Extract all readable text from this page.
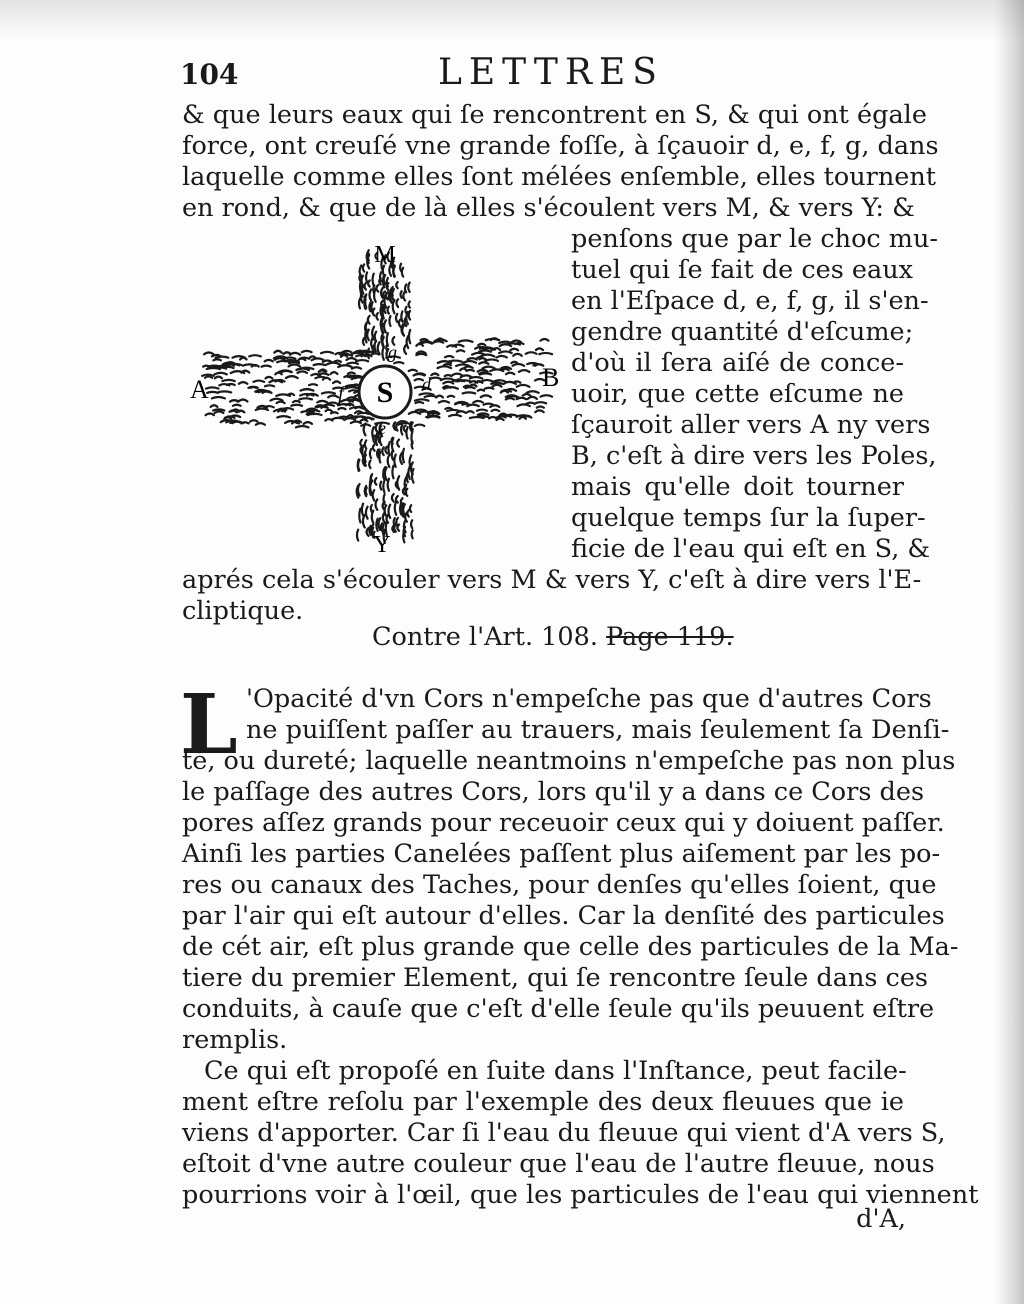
104	LETTRES
& que leurs eaux qui ſe rencontrent en S, & qui ont égale
force, ont creuſé vne grande foſſe, à ſçauoir d, e, f, g, dans
laquelle comme elles ſont mélées enſemble, elles tournent
en rond, & que de là elles s'écoulent vers M, & vers Y: &
penſons que par le choc mu-
tuel qui ſe fait de ces eaux
en l'Eſpace d, e, f, g, il s'en-
gendre quantité d'eſcume;
d'où il ſera aiſé de conce-
uoir, que cette eſcume ne
ſçauroit aller vers A ny vers
B, c'eſt à dire vers les Poles,
mais qu'elle doit tourner
quelque temps ſur la ſuper-
ficie de l'eau qui eſt en S, &
S
M
Y
A	B
f	d
e
g
aprés cela s'écouler vers M & vers Y, c'eſt à dire vers l'E-
cliptique.
Contre l'Art. 108. Page 119.
L 'Opacité d'vn Cors n'empeſche pas que d'autres Cors
ne puiſſent paſſer au trauers, mais ſeulement ſa Denſi-
té, ou dureté; laquelle neantmoins n'empeſche pas non plus
le paſſage des autres Cors, lors qu'il y a dans ce Cors des
pores aſſez grands pour receuoir ceux qui y doiuent paſſer.
Ainſi les parties Canelées paſſent plus aiſement par les po-
res ou canaux des Taches, pour denſes qu'elles ſoient, que
par l'air qui eſt autour d'elles. Car la denſité des particules
de cét air, eſt plus grande que celle des particules de la Ma-
tiere du premier Element, qui ſe rencontre ſeule dans ces
conduits, à cauſe que c'eſt d'elle ſeule qu'ils peuuent eſtre
remplis.
Ce qui eſt propoſé en ſuite dans l'Inſtance, peut facile-
ment eſtre reſolu par l'exemple des deux fleuues que ie
viens d'apporter. Car ſi l'eau du fleuue qui vient d'A vers S,
eſtoit d'vne autre couleur que l'eau de l'autre fleuue, nous
pourrions voir à l'œil, que les particules de l'eau qui viennent
d'A,
